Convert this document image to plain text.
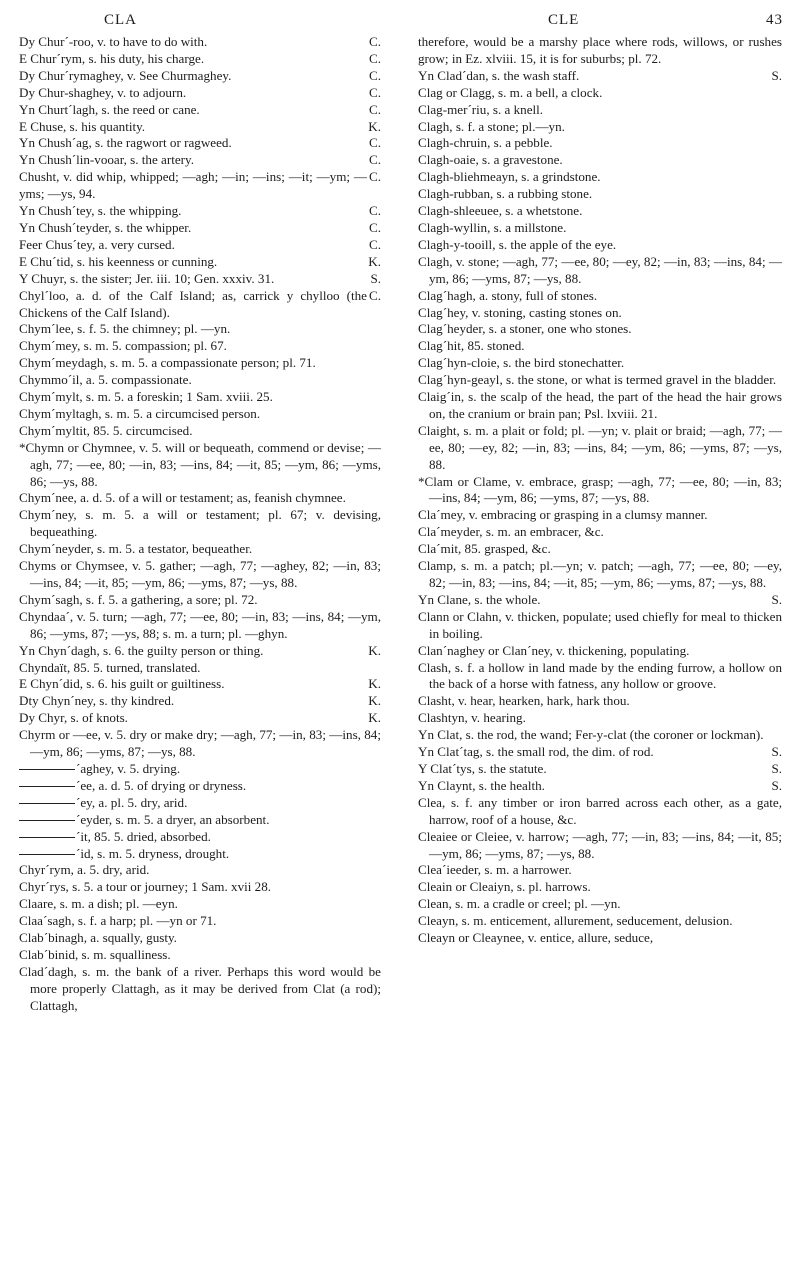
CLA	CLE	43

Dy Chur´-roo, v. to have to do with.	C.

E Chur´rym, s. his duty, his charge.	C.

Dy Chur´rymaghey, v. See Churmaghey.	C.

Dy Chur-shaghey, v. to adjourn.	C.

Yn Churt´lagh, s. the reed or cane.	C.

E Chuse, s. his quantity.	K.

Yn Chush´ag, s. the ragwort or ragweed.	C.

Yn Chush´lin-vooar, s. the artery.	C.

Chusht, v. did whip, whipped; —agh; —in; —ins; —it; —ym; —yms; —ys, 94.
C.

Yn Chush´tey, s. the whipping.	C.

Yn Chush´teyder, s. the whipper.	C.

Feer Chus´tey, a. very cursed.	C.

E Chu´tid, s. his keenness or cunning.	K.

Y Chuyr, s. the sister; Jer. iii. 10; Gen. xxxiv. 31.	S.

Chyl´loo, a. d. of the Calf Island; as, carrick y chylloo (the Chickens of the Calf Island).
C.

Chym´lee, s. f. 5. the chimney; pl. —yn.

Chym´mey, s. m. 5. compassion; pl. 67.

Chym´meydagh, s. m. 5. a compassionate person; pl. 71.

Chymmo´il, a. 5. compassionate.

Chym´mylt, s. m. 5. a foreskin; 1 Sam. xviii. 25.

Chym´myltagh, s. m. 5. a circumcised person.

Chym´myltit, 85. 5. circumcised.

*Chymn or Chymnee, v. 5. will or bequeath, commend or devise; —agh, 77; —ee, 80; —in, 83; —ins, 84; —it, 85; —ym, 86; —yms, 86; —ys, 88.

Chym´nee, a. d. 5. of a will or testament; as, feanish chymnee.

Chym´ney, s. m. 5. a will or testament; pl. 67; v. devising, bequeathing.

Chym´neyder, s. m. 5. a testator, bequeather.

Chyms or Chymsee, v. 5. gather; —agh, 77; —aghey, 82; —in, 83; —ins, 84; —it, 85; —ym, 86; —yms, 87; —ys, 88.

Chym´sagh, s. f. 5. a gathering, a sore; pl. 72.

Chyndaa´, v. 5. turn; —agh, 77; —ee, 80; —in, 83; —ins, 84; —ym, 86; —yms, 87; —ys, 88; s. m. a turn; pl. —ghyn.

Yn Chyn´dagh, s. 6. the guilty person or thing.	K.

Chyndaït, 85. 5. turned, translated.

E Chyn´did, s. 6. his guilt or guiltiness.	K.

Dty Chyn´ney, s. thy kindred.	K.

Dy Chyr, s. of knots.	K.

Chyrm or —ee, v. 5. dry or make dry; —agh, 77; —in, 83; —ins, 84; —ym, 86; —yms, 87; —ys, 88.

´aghey, v. 5. drying.

´ee, a. d. 5. of drying or dryness.

´ey, a. pl. 5. dry, arid.

´eyder, s. m. 5. a dryer, an absorbent.

´it, 85. 5. dried, absorbed.

´id, s. m. 5. dryness, drought.

Chyr´rym, a. 5. dry, arid.

Chyr´rys, s. 5. a tour or journey; 1 Sam. xvii 28.

Claare, s. m. a dish; pl. —eyn.

Claa´sagh, s. f. a harp; pl. —yn or 71.

Clab´binagh, a. squally, gusty.

Clab´binid, s. m. squalliness.

Clad´dagh, s. m. the bank of a river. Perhaps this word would be more properly Clattagh, as it may be derived from Clat (a rod); Clattagh,

therefore, would be a marshy place where rods, willows, or rushes grow; in Ez. xlviii. 15, it is for suburbs; pl. 72.

Yn Clad´dan, s. the wash staff.	S.

Clag or Clagg, s. m. a bell, a clock.

Clag-mer´riu, s. a knell.

Clagh, s. f. a stone; pl.—yn.

Clagh-chruin, s. a pebble.

Clagh-oaie, s. a gravestone.

Clagh-bliehmeayn, s. a grindstone.

Clagh-rubban, s. a rubbing stone.

Clagh-shleeuee, s. a whetstone.

Clagh-wyllin, s. a millstone.

Clagh-y-tooill, s. the apple of the eye.

Clagh, v. stone; —agh, 77; —ee, 80; —ey, 82; —in, 83; —ins, 84; —ym, 86; —yms, 87; —ys, 88.

Clag´hagh, a. stony, full of stones.

Clag´hey, v. stoning, casting stones on.

Clag´heyder, s. a stoner, one who stones.

Clag´hit, 85. stoned.

Clag´hyn-cloie, s. the bird stonechatter.

Clag´hyn-geayl, s. the stone, or what is termed gravel in the bladder.

Claig´in, s. the scalp of the head, the part of the head the hair grows on, the cranium or brain pan; Psl. lxviii. 21.

Claight, s. m. a plait or fold; pl. —yn; v. plait or braid; —agh, 77; —ee, 80; —ey, 82; —in, 83; —ins, 84; —ym, 86; —yms, 87; —ys, 88.

*Clam or Clame, v. embrace, grasp; —agh, 77; —ee, 80; —in, 83; —ins, 84; —ym, 86; —yms, 87; —ys, 88.

Cla´mey, v. embracing or grasping in a clumsy manner.

Cla´meyder, s. m. an embracer, &c.

Cla´mit, 85. grasped, &c.

Clamp, s. m. a patch; pl.—yn; v. patch; —agh, 77; —ee, 80; —ey, 82; —in, 83; —ins, 84; —it, 85; —ym, 86; —yms, 87; —ys, 88.

Yn Clane, s. the whole.	S.

Clann or Clahn, v. thicken, populate; used chiefly for meal to thicken in boiling.

Clan´naghey or Clan´ney, v. thickening, populating.

Clash, s. f. a hollow in land made by the ending furrow, a hollow on the back of a horse with fatness, any hollow or groove.

Clasht, v. hear, hearken, hark, hark thou.

Clashtyn, v. hearing.

Yn Clat, s. the rod, the wand; Fer-y-clat (the coroner or lockman).

Yn Clat´tag, s. the small rod, the dim. of rod.	S.

Y Clat´tys, s. the statute.	S.

Yn Claynt, s. the health.	S.

Clea, s. f. any timber or iron barred across each other, as a gate, harrow, roof of a house, &c.

Cleaiee or Cleiee, v. harrow; —agh, 77; —in, 83; —ins, 84; —it, 85; —ym, 86; —yms, 87; —ys, 88.

Clea´ieeder, s. m. a harrower.

Cleain or Cleaiyn, s. pl. harrows.

Clean, s. m. a cradle or creel; pl. —yn.

Cleayn, s. m. enticement, allurement, seducement, delusion.

Cleayn or Cleaynee, v. entice, allure, seduce,
